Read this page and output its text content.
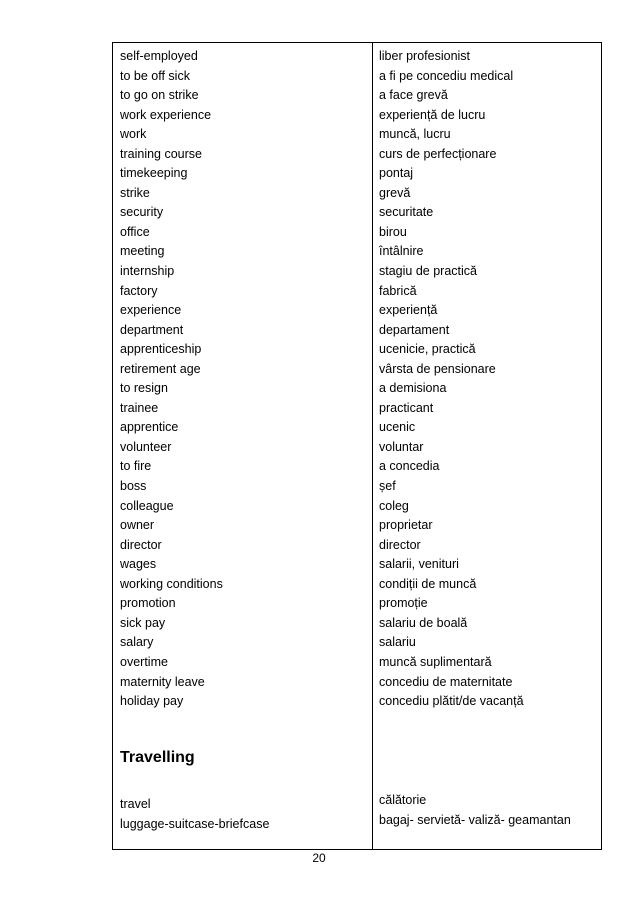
self-employed
to be off sick
to go on strike
work experience
work
training course
timekeeping
strike
security
office
meeting
internship
factory
experience
department
apprenticeship
retirement age
to resign
trainee
apprentice
volunteer
to fire
boss
colleague
owner
director
wages
working conditions
promotion
sick pay
salary
overtime
maternity leave
holiday pay
liber profesionist
a fi pe concediu medical
a face grevă
experiență de lucru
muncă, lucru
curs de perfecționare
pontaj
grevă
securitate
birou
întâlnire
stagiu de practică
fabrică
experiență
departament
ucenicie, practică
vârsta de pensionare
a demisiona
practicant
ucenic
voluntar
a concedia
șef
coleg
proprietar
director
salarii, venituri
condiții de muncă
promoție
salariu de boală
salariu
muncă suplimentară
concediu de maternitate
concediu plătit/de vacanță
Travelling
travel
luggage-suitcase-briefcase
călătorie
bagaj- servietă- valiză- geamantan
20
